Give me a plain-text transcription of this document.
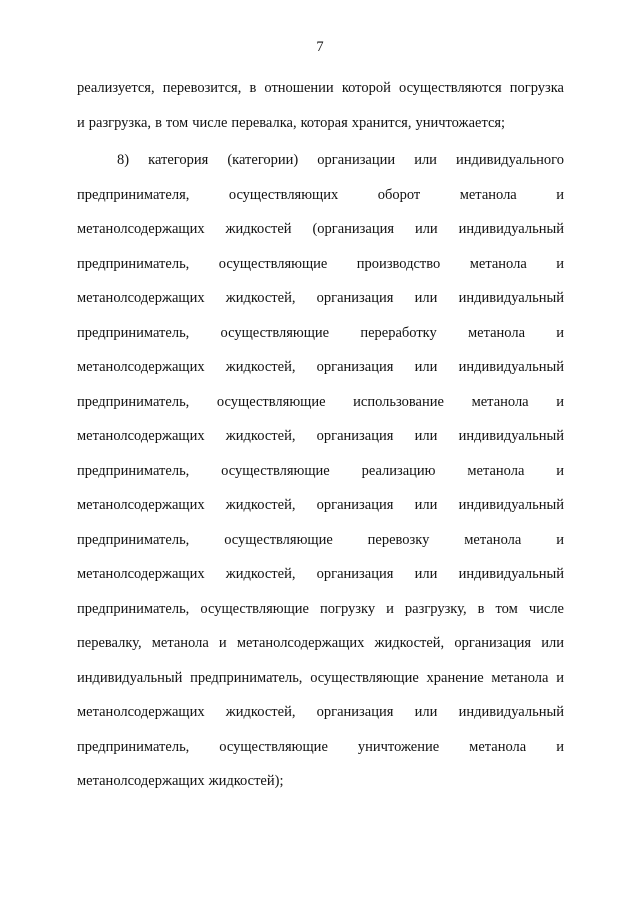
7
реализуется, перевозится, в отношении которой осуществляются погрузка
и разгрузка, в том числе перевалка, которая хранится, уничтожается;
8) категория (категории) организации или индивидуального
предпринимателя,	осуществляющих	оборот	метанола	и
метанолсодержащих жидкостей (организация или индивидуальный
предприниматель, осуществляющие производство метанола и
метанолсодержащих жидкостей, организация или индивидуальный
предприниматель, осуществляющие переработку метанола и
метанолсодержащих жидкостей, организация или индивидуальный
предприниматель, осуществляющие использование метанола и
метанолсодержащих жидкостей, организация или индивидуальный
предприниматель, осуществляющие реализацию метанола и
метанолсодержащих жидкостей, организация или индивидуальный
предприниматель, осуществляющие перевозку метанола и
метанолсодержащих жидкостей, организация или индивидуальный
предприниматель, осуществляющие погрузку и разгрузку, в том числе
перевалку, метанола и метанолсодержащих жидкостей, организация или
индивидуальный предприниматель, осуществляющие хранение метанола и
метанолсодержащих жидкостей, организация или индивидуальный
предприниматель, осуществляющие уничтожение метанола и
метанолсодержащих жидкостей);
